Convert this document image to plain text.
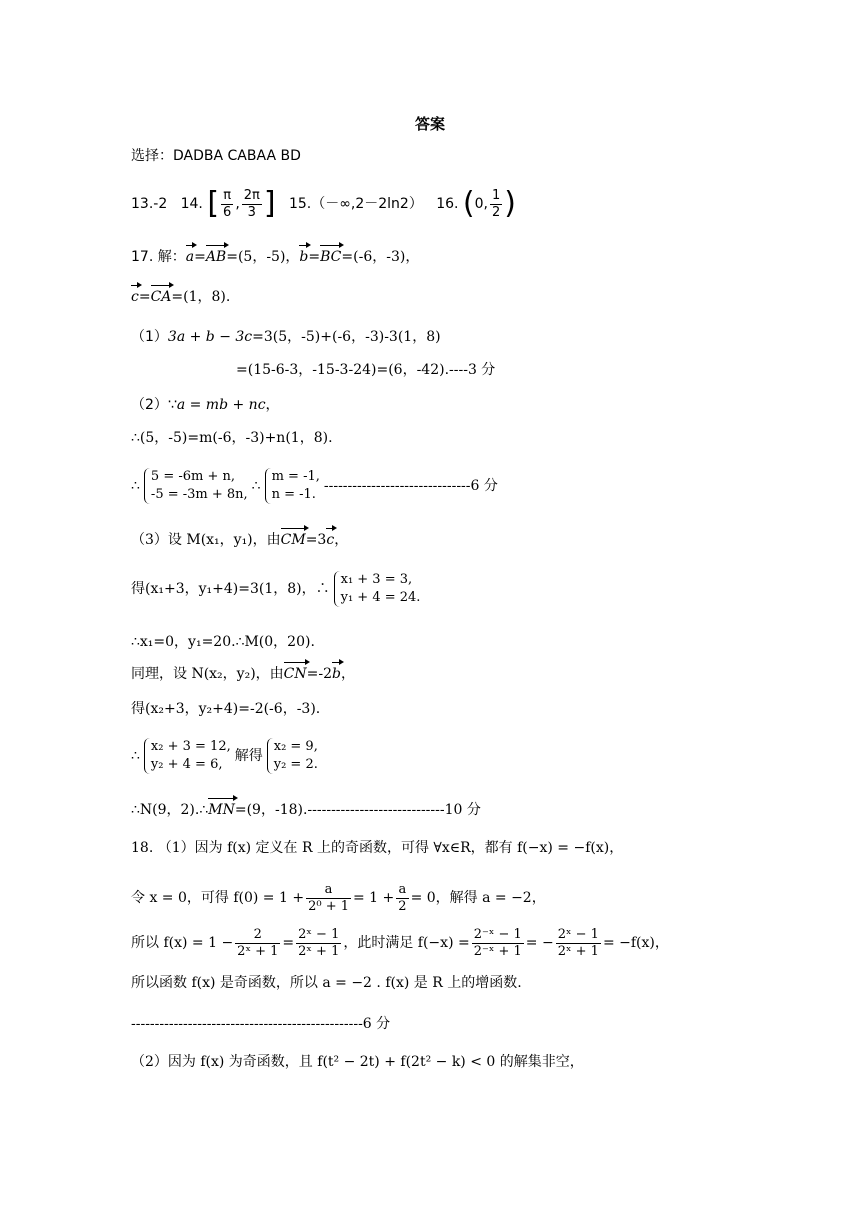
答案
选择：DADBA CABAA BD
13.-2 14. [ $\frac{\pi}{6}$ , $\frac{2\pi}{3}$ ] 15.（－∞,2－2ln2） 16. (0, $\frac{1}{2}$ )
17. 解：a=AB=(5，-5)，b=BC=(-6，-3)，
c=CA=(1，8).
（1）3a + b − 3c=3(5，-5)+(-6，-3)-3(1，8)
=(15-6-3，-15-3-24)=(6，-42).----3 分
（2）∵a = mb + nc，
∴(5，-5)=m(-6，-3)+n(1，8).
∴
5 = -6m + n,
-5 = -3m + 8n,
∴
m = -1,
n = -1.
-------------------------------6 分
（3）设 M(x₁，y₁)，由CM=3c，
得(x₁+3，y₁+4)=3(1，8)，∴
x₁ + 3 = 3,
y₁ + 4 = 24.
∴x₁=0，y₁=20.∴M(0，20).
同理，设 N(x₂，y₂)，由CN=-2b，
得(x₂+3，y₂+4)=-2(-6，-3).
∴
x₂ + 3 = 12,
y₂ + 4 = 6,
解得
x₂ = 9,
y₂ = 2.
∴N(9，2).∴MN=(9，-18).-----------------------------10 分
18. （1）因为 f(x) 定义在 R 上的奇函数，可得 ∀x∈R，都有 f(−x) = −f(x)，
令 x = 0，可得 $f(0) = 1 + \frac{a}{\text{2⁰ + 1}} = 1 + \frac{a}{2} = 0$，解得 a = −2，
所以 $f(x) = 1 - \frac{2}{\text{2ˣ + 1}} = \frac{\text{2ˣ − 1}}{\text{2ˣ + 1}}$ ，此时满足 $f(-x) = \frac{\text{2⁻ˣ − 1}}{\text{2⁻ˣ + 1}}$ = − $\frac{\text{2ˣ − 1}}{\text{2ˣ + 1}} = -f(x)$，
所以函数 f(x) 是奇函数，所以 a = −2 . f(x) 是 R 上的增函数.
-------------------------------------------------6 分
（2）因为 f(x) 为奇函数，且 f(t² − 2t) + f(2t² − k) < 0 的解集非空，
